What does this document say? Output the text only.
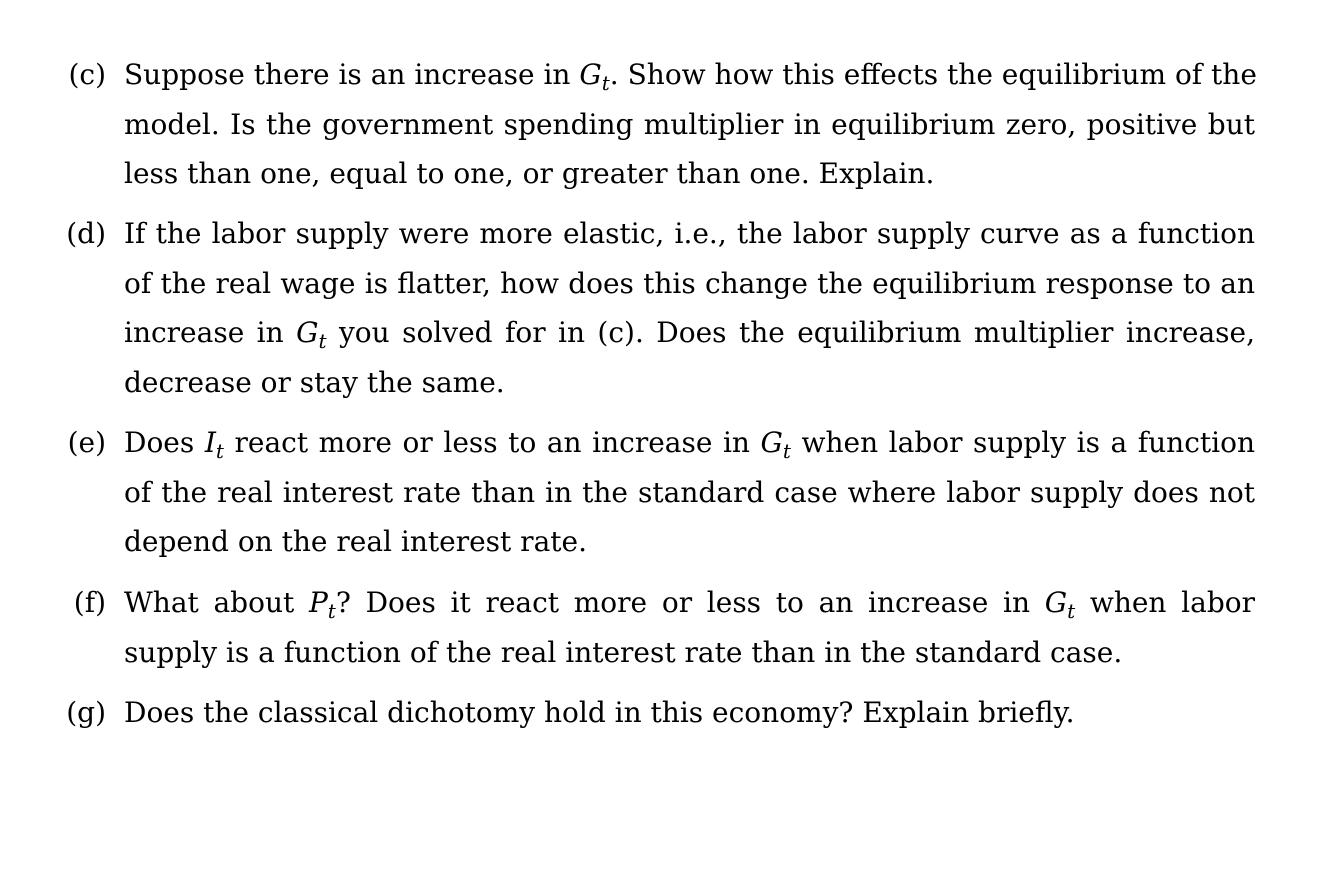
(c) Suppose there is an increase in $G_t$. Show how this effects the equilibrium of the
model. Is the government spending multiplier in equilibrium zero, positive but
less than one, equal to one, or greater than one. Explain.
(d) If the labor supply were more elastic, i.e., the labor supply curve as a function
of the real wage is flatter, how does this change the equilibrium response to an
increase in $G_t$ you solved for in (c). Does the equilibrium multiplier increase,
decrease or stay the same.
(e) Does $I_t$ react more or less to an increase in $G_t$ when labor supply is a function
of the real interest rate than in the standard case where labor supply does not
depend on the real interest rate.
(f) What about $P_t$? Does it react more or less to an increase in $G_t$ when labor
supply is a function of the real interest rate than in the standard case.
(g) Does the classical dichotomy hold in this economy? Explain briefly.
